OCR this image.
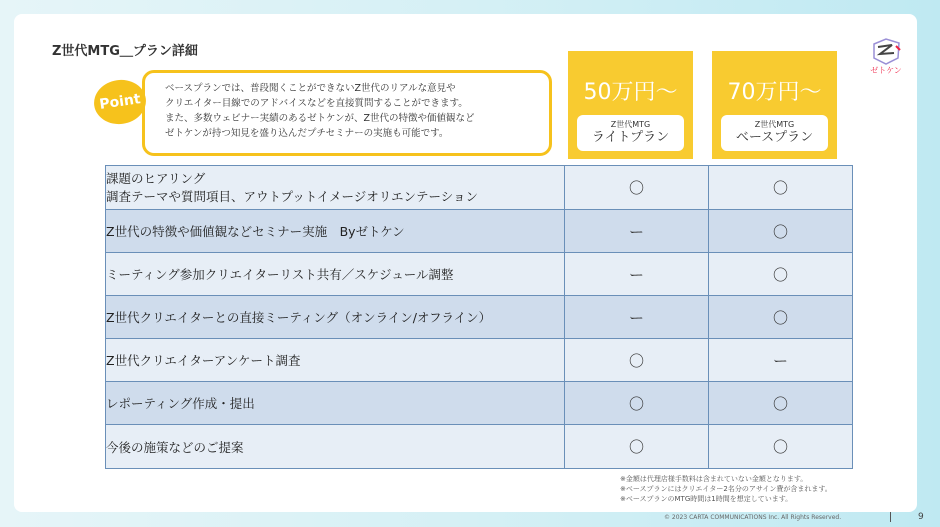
Z世代MTG＿プラン詳細
ゼトケン
ベースプランでは、普段聞くことができないZ世代のリアルな意見や
クリエイター目線でのアドバイスなどを直接質問することができます。
また、多数ウェビナー実績のあるゼトケンが、Z世代の特徴や価値観など
ゼトケンが持つ知見を盛り込んだプチセミナーの実施も可能です。
Point	50万円～
Z世代MTG
ライトプラン
70万円～
Z世代MTG
ベースプラン
課題のヒアリング
調査テーマや質問項目、アウトプットイメージオリエンテーション	〇	〇
Z世代の特徴や価値観などセミナー実施　Byゼトケン	ー	〇
ミーティング参加クリエイターリスト共有／スケジュール調整	ー	〇
Z世代クリエイターとの直接ミーティング（オンライン/オフライン）	ー	〇
Z世代クリエイターアンケート調査	〇	ー
レポーティング作成・提出	〇	〇
今後の施策などのご提案	〇	〇
※金額は代理店様手数料は含まれていない金額となります。
※ベースプランにはクリエイター2名分のアサイン費が含まれます。
※ベースプランのMTG時間は1時間を想定しています。
© 2023 CARTA COMMUNICATIONS Inc. All Rights Reserved.	9
